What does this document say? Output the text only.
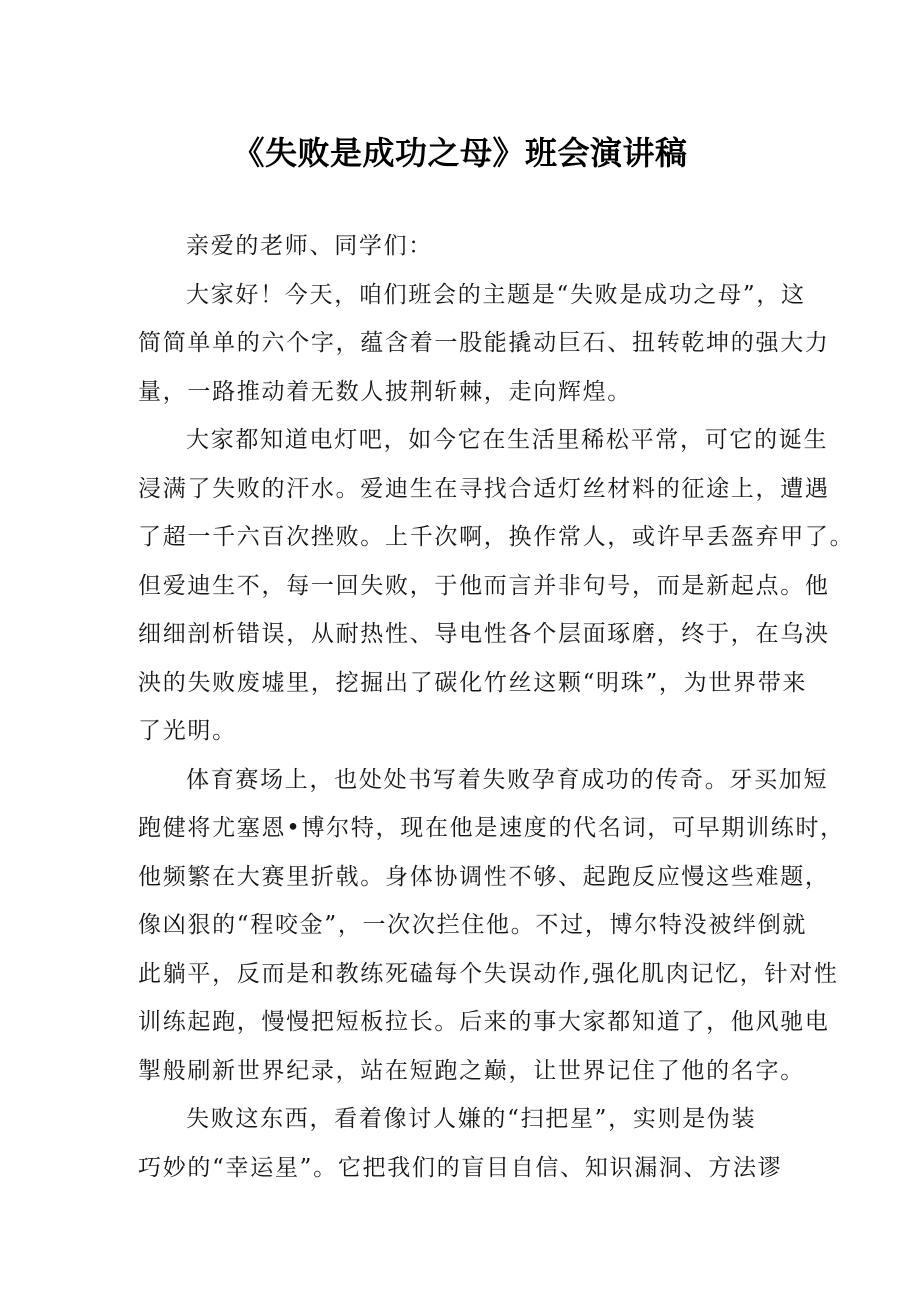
《失败是成功之母》班会演讲稿
亲爱的老师、同学们：
大家好！今天，咱们班会的主题是“失败是成功之母”，这
简简单单的六个字，蕴含着一股能撬动巨石、扭转乾坤的强大力
量，一路推动着无数人披荆斩棘，走向辉煌。
大家都知道电灯吧，如今它在生活里稀松平常，可它的诞生
浸满了失败的汗水。爱迪生在寻找合适灯丝材料的征途上，遭遇
了超一千六百次挫败。上千次啊，换作常人，或许早丢盔弃甲了。
但爱迪生不，每一回失败，于他而言并非句号，而是新起点。他
细细剖析错误，从耐热性、导电性各个层面琢磨，终于，在乌泱
泱的失败废墟里，挖掘出了碳化竹丝这颗“明珠”，为世界带来
了光明。
体育赛场上，也处处书写着失败孕育成功的传奇。牙买加短
跑健将尤塞恩•博尔特，现在他是速度的代名词，可早期训练时，
他频繁在大赛里折戟。身体协调性不够、起跑反应慢这些难题，
像凶狠的“程咬金”，一次次拦住他。不过，博尔特没被绊倒就
此躺平，反而是和教练死磕每个失误动作,强化肌肉记忆，针对性
训练起跑，慢慢把短板拉长。后来的事大家都知道了，他风驰电
掣般刷新世界纪录，站在短跑之巅，让世界记住了他的名字。
失败这东西，看着像讨人嫌的“扫把星”，实则是伪装
巧妙的“幸运星”。它把我们的盲目自信、知识漏洞、方法谬
